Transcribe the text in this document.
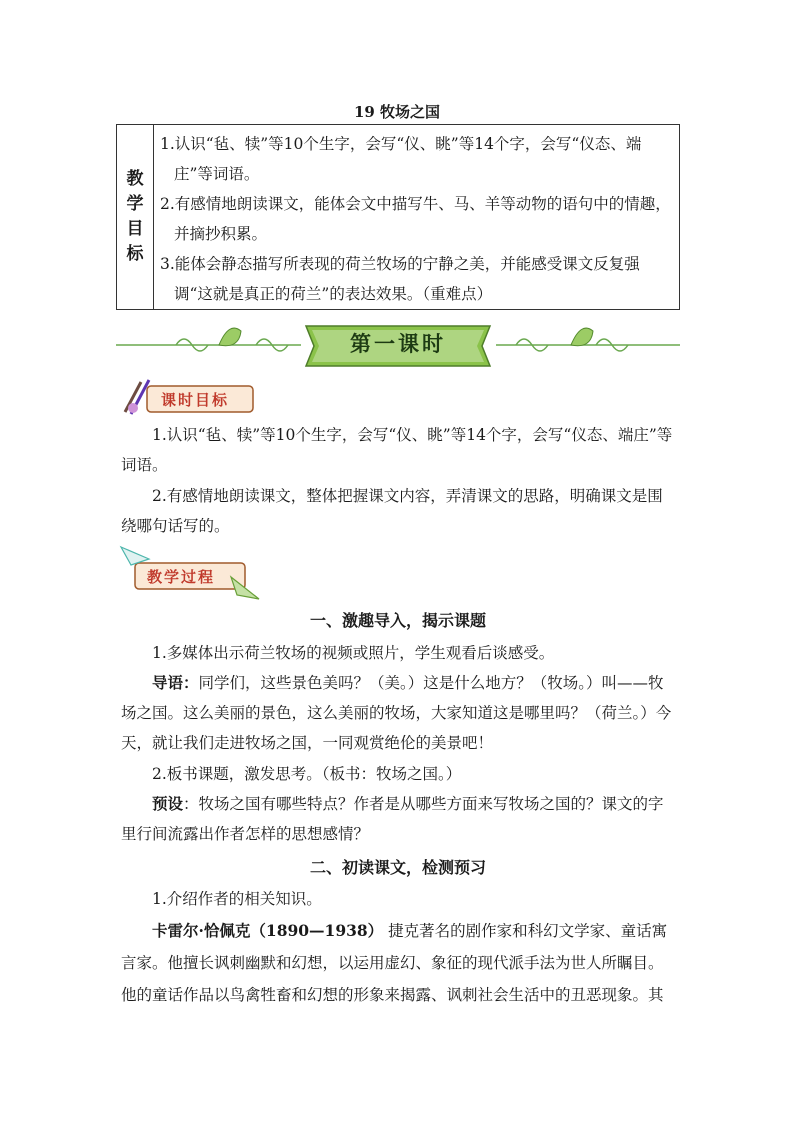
19 牧场之国
教
学
目
标
1.认识“毡、犊”等10个生字，会写“仪、眺”等14个字，会写“仪态、端庄”等词语。
2.有感情地朗读课文，能体会文中描写牛、马、羊等动物的语句中的情趣，并摘抄积累。
3.能体会静态描写所表现的荷兰牧场的宁静之美，并能感受课文反复强调“这就是真正的荷兰”的表达效果。（重难点）
第一课时
课时目标
1.认识“毡、犊”等10个生字，会写“仪、眺”等14个字，会写“仪态、端庄”等词语。
2.有感情地朗读课文，整体把握课文内容，弄清课文的思路，明确课文是围绕哪句话写的。
教学过程
一、激趣导入，揭示课题
1.多媒体出示荷兰牧场的视频或照片，学生观看后谈感受。
导语：同学们，这些景色美吗？（美。）这是什么地方？（牧场。）叫——牧场之国。这么美丽的景色，这么美丽的牧场，大家知道这是哪里吗？（荷兰。）今天，就让我们走进牧场之国，一同观赏绝伦的美景吧！
2.板书课题，激发思考。（板书：牧场之国。）
预设：牧场之国有哪些特点？作者是从哪些方面来写牧场之国的？课文的字里行间流露出作者怎样的思想感情？
二、初读课文，检测预习
1.介绍作者的相关知识。
卡雷尔·恰佩克（1890—1938） 捷克著名的剧作家和科幻文学家、童话寓言家。他擅长讽刺幽默和幻想，以运用虚幻、象征的现代派手法为世人所瞩目。他的童话作品以鸟禽牲畜和幻想的形象来揭露、讽刺社会生活中的丑恶现象。其
